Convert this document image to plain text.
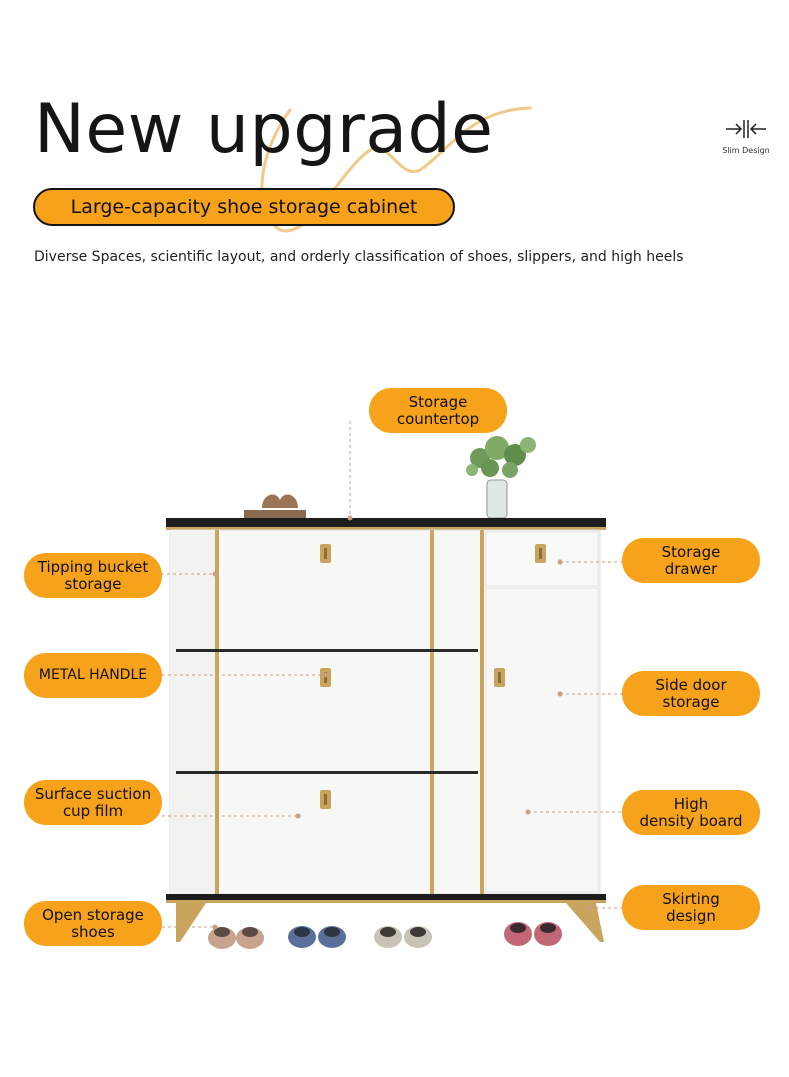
New upgrade
Large-capacity shoe storage cabinet
Diverse Spaces, scientific layout, and orderly classification of shoes, slippers, and high heels
Slim Design
Storage
countertop
Tipping bucket
storage
METAL HANDLE
Surface suction
cup film
Open storage
shoes
Storage
drawer
Side door
storage
High
density board
Skirting
design
